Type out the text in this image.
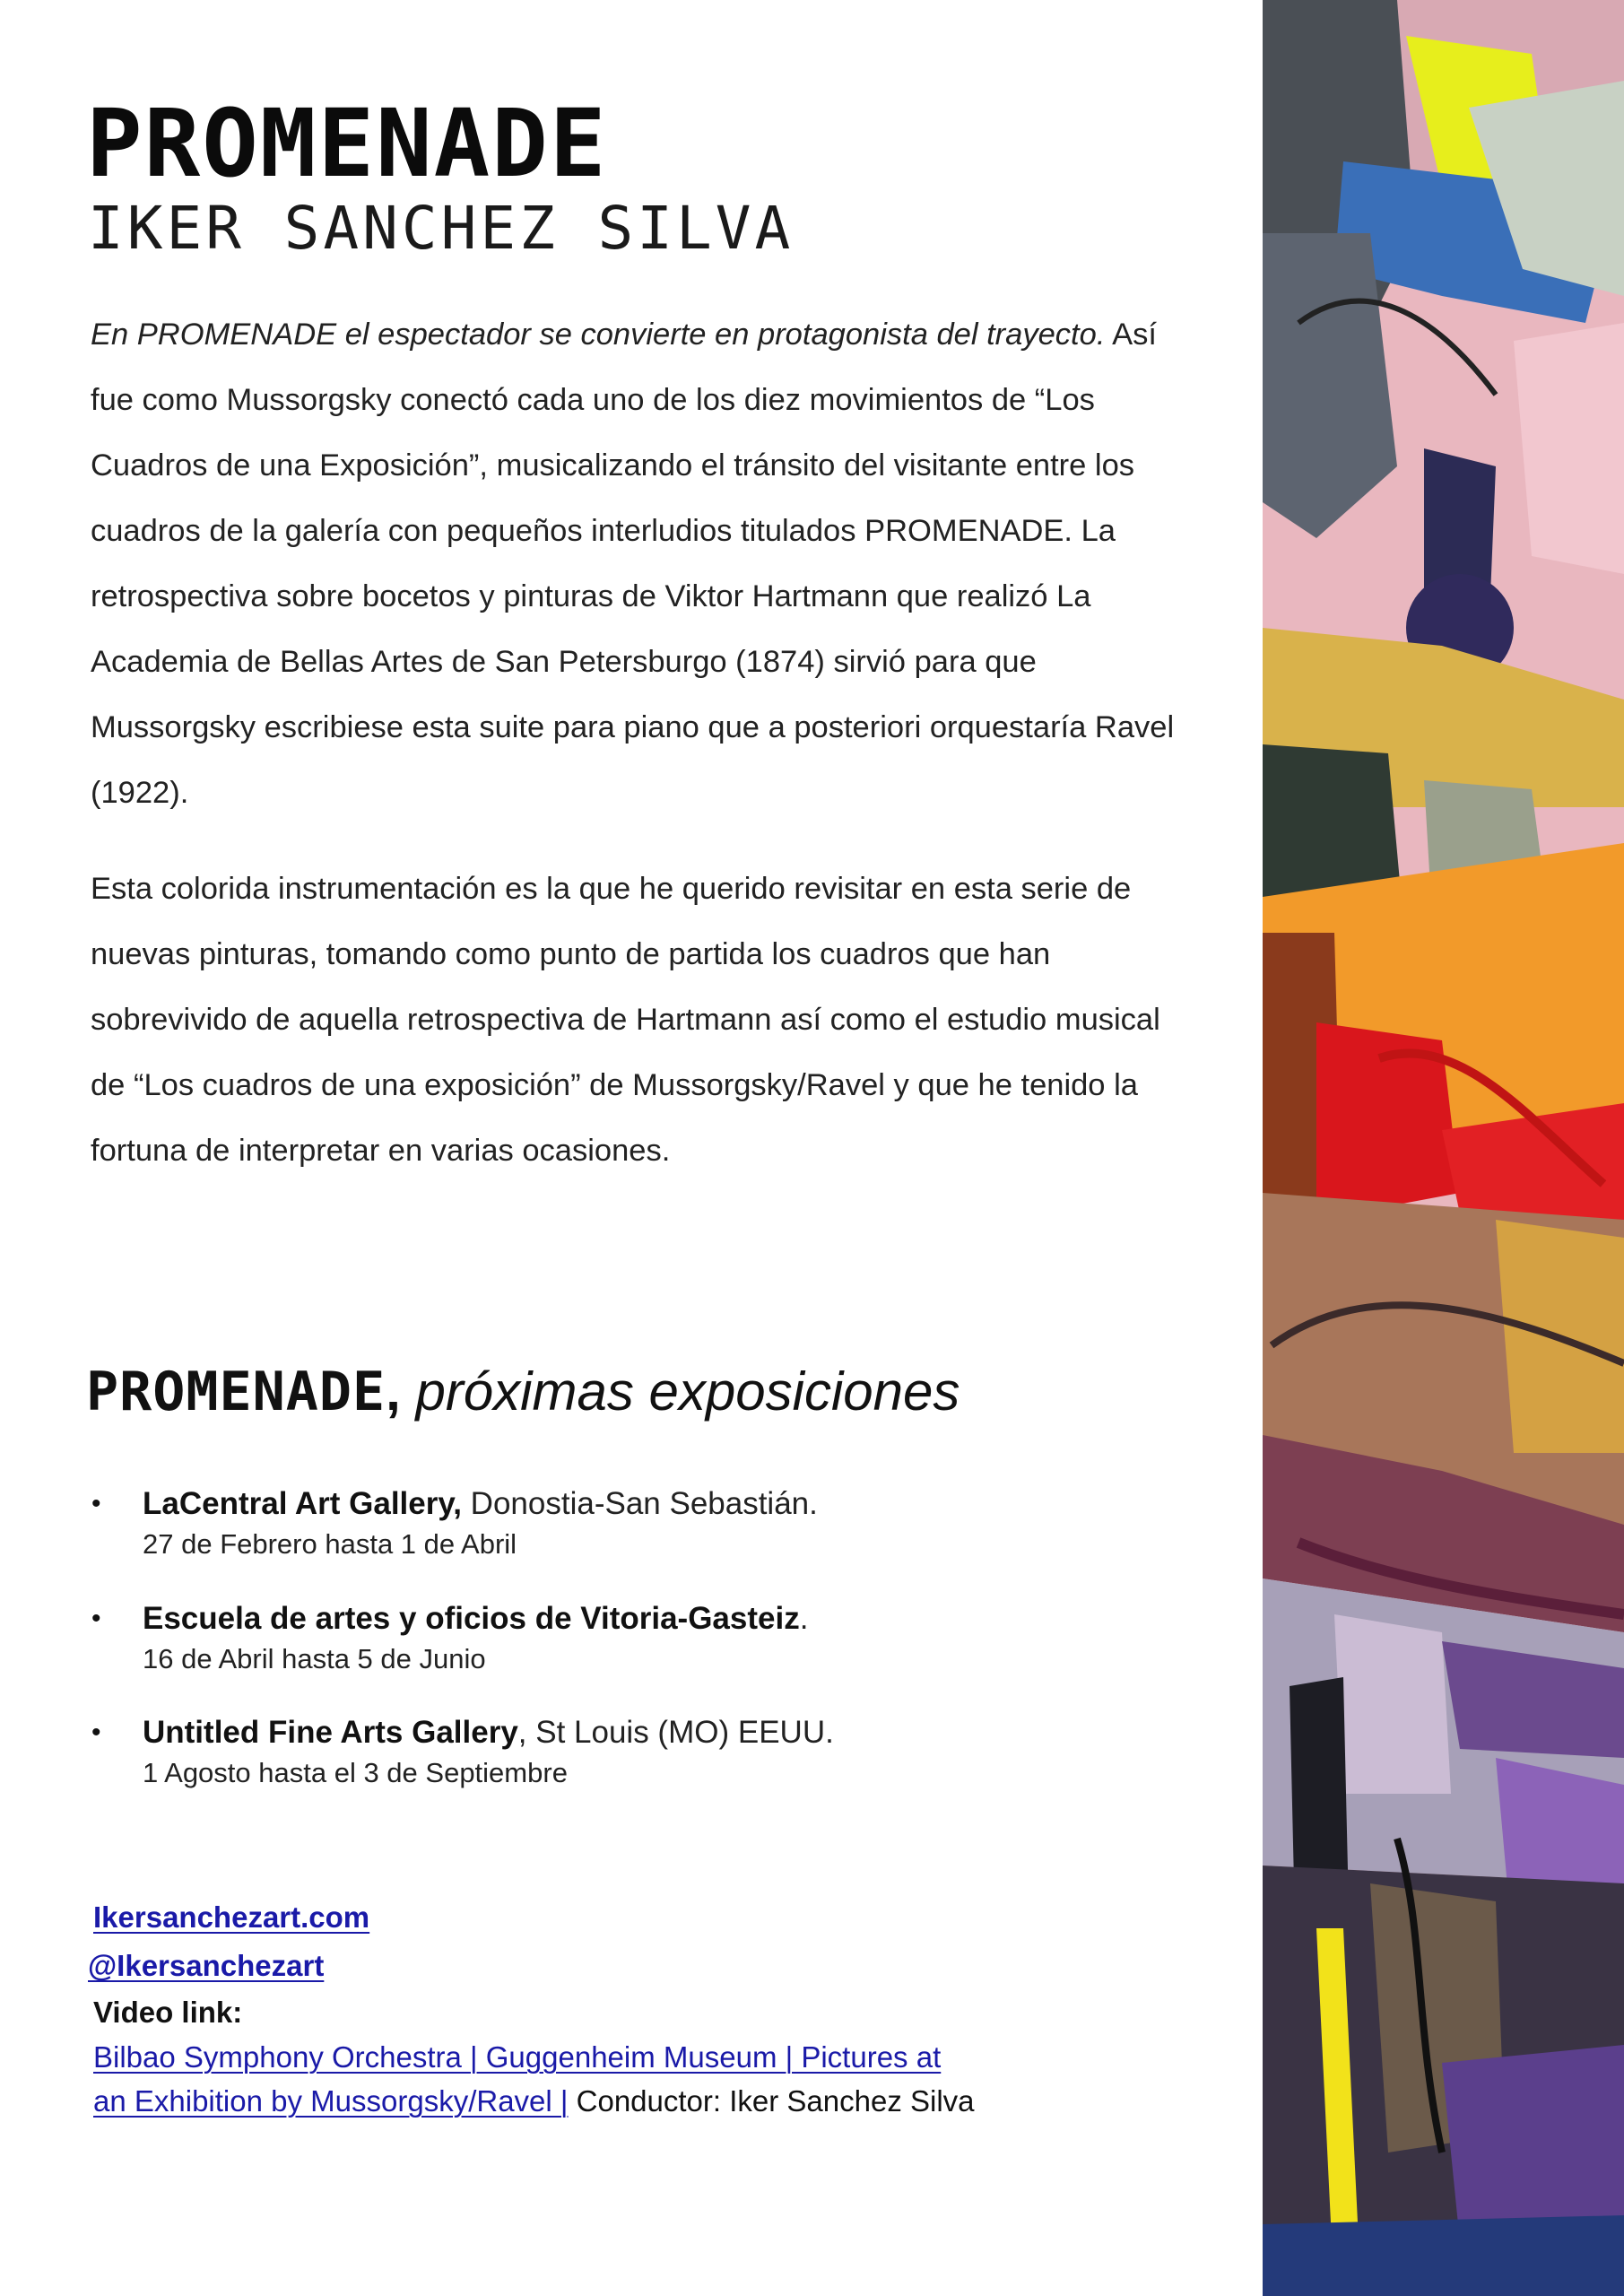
PROMENADE
IKER SANCHEZ SILVA

En PROMENADE el espectador se convierte en protagonista del trayecto. Así fue como Mussorgsky conectó cada uno de los diez movimientos de “Los Cuadros de una Exposición”, musicalizando el tránsito del visitante entre los cuadros de la galería con pequeños interludios titulados PROMENADE. La retrospectiva sobre bocetos y pinturas de Viktor Hartmann que realizó La Academia de Bellas Artes de San Petersburgo (1874) sirvió para que Mussorgsky escribiese esta suite para piano que a posteriori orquestaría Ravel (1922).

Esta colorida instrumentación es la que he querido revisitar en esta serie de nuevas pinturas, tomando como punto de partida los cuadros que han sobrevivido de aquella retrospectiva de Hartmann así como el estudio musical de “Los cuadros de una exposición” de Mussorgsky/Ravel y que he tenido la fortuna de interpretar en varias ocasiones.

PROMENADE, próximas exposiciones
• LaCentral Art Gallery, Donostia-San Sebastián.
27 de Febrero hasta 1 de Abril
• Escuela de artes y oficios de Vitoria-Gasteiz.
16 de Abril hasta 5 de Junio
• Untitled Fine Arts Gallery, St Louis (MO) EEUU.
1 Agosto hasta el 3 de Septiembre
Ikersanchezart.com
@Ikersanchezart
Video link:
Bilbao Symphony Orchestra | Guggenheim Museum | Pictures at
an Exhibition by Mussorgsky/Ravel | Conductor: Iker Sanchez Silva
